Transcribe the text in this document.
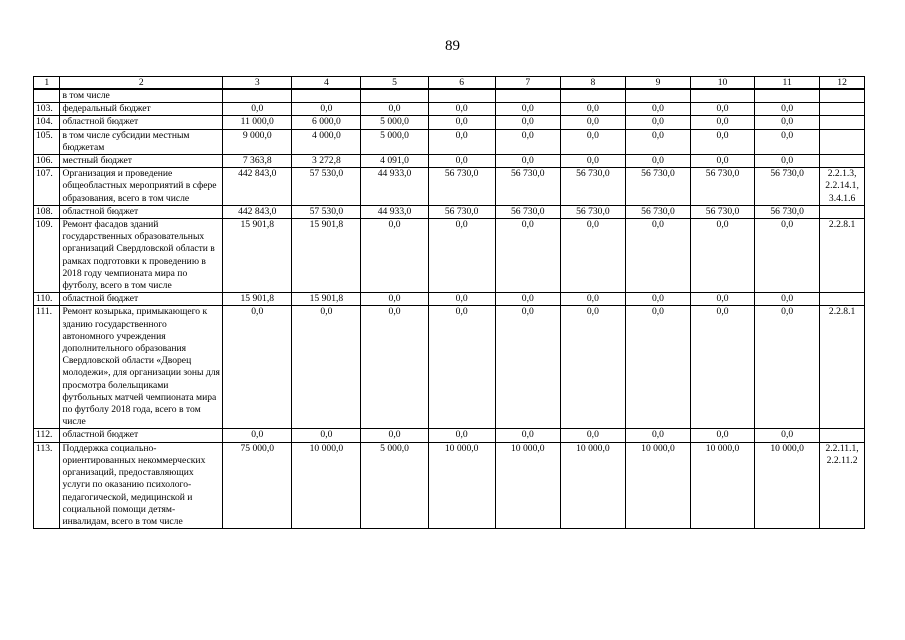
89
1	2	3	4	5	6	7	8	9	10	11	12
	в том числе										
103.	федеральный бюджет	0,0	0,0	0,0	0,0	0,0	0,0	0,0	0,0	0,0	
104.	областной бюджет	11 000,0	6 000,0	5 000,0	0,0	0,0	0,0	0,0	0,0	0,0	
105.	в том числе субсидии местным бюджетам	9 000,0	4 000,0	5 000,0	0,0	0,0	0,0	0,0	0,0	0,0	
106.	местный бюджет	7 363,8	3 272,8	4 091,0	0,0	0,0	0,0	0,0	0,0	0,0	
107.	Организация и проведение общеобластных мероприятий в сфере образования, всего в том числе	442 843,0	57 530,0	44 933,0	56 730,0	56 730,0	56 730,0	56 730,0	56 730,0	56 730,0	2.2.1.3, 2.2.14.1, 3.4.1.6
108.	областной бюджет	442 843,0	57 530,0	44 933,0	56 730,0	56 730,0	56 730,0	56 730,0	56 730,0	56 730,0	
109.	Ремонт фасадов зданий государственных образовательных организаций Свердловской области в рамках подготовки к проведению в 2018 году чемпионата мира по футболу, всего в том числе	15 901,8	15 901,8	0,0	0,0	0,0	0,0	0,0	0,0	0,0	2.2.8.1
110.	областной бюджет	15 901,8	15 901,8	0,0	0,0	0,0	0,0	0,0	0,0	0,0	
111.	Ремонт козырька, примыкающего к зданию государственного автономного учреждения дополнительного образования Свердловской области «Дворец молодежи», для организации зоны для просмотра болельщиками футбольных матчей чемпионата мира по футболу 2018 года, всего в том числе	0,0	0,0	0,0	0,0	0,0	0,0	0,0	0,0	0,0	2.2.8.1
112.	областной бюджет	0,0	0,0	0,0	0,0	0,0	0,0	0,0	0,0	0,0	
113.	Поддержка социально-ориентированных некоммерческих организаций, предоставляющих услуги по оказанию психолого-педагогической, медицинской и социальной помощи детям-инвалидам, всего в том числе	75 000,0	10 000,0	5 000,0	10 000,0	10 000,0	10 000,0	10 000,0	10 000,0	10 000,0	2.2.11.1, 2.2.11.2
